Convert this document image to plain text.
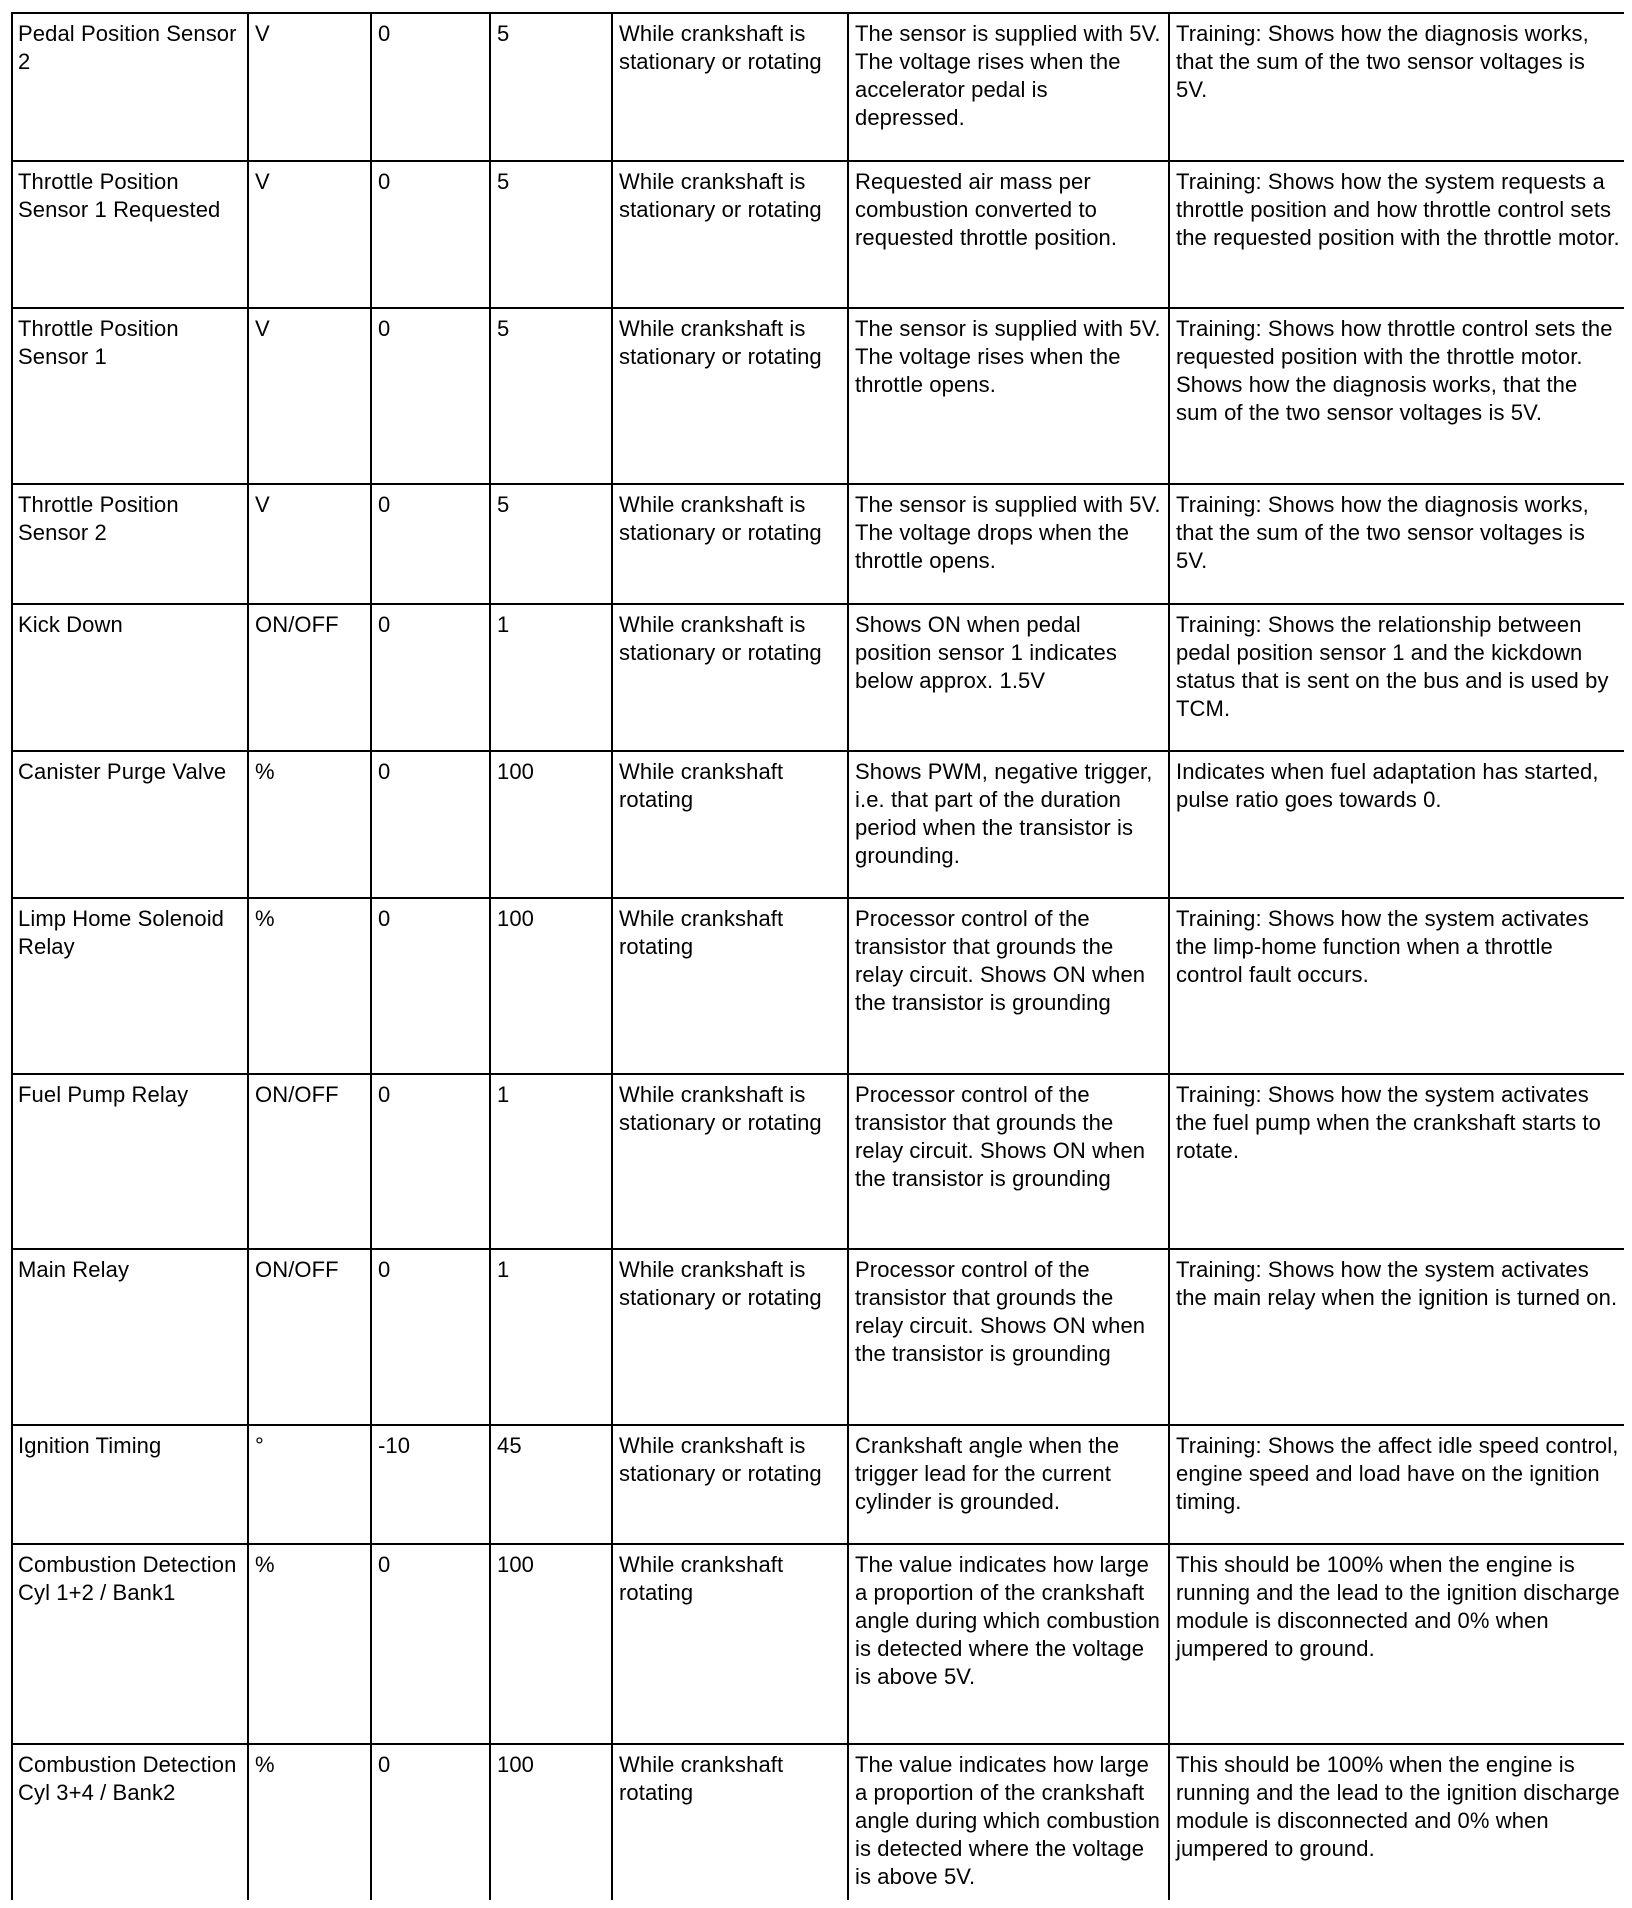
Pedal Position Sensor 2	V	0	5	While crankshaft is stationary or rotating	The sensor is supplied with 5V. The voltage rises when the accelerator pedal is depressed.	Training: Shows how the diagnosis works, that the sum of the two sensor voltages is 5V.
Throttle Position Sensor 1 Requested	V	0	5	While crankshaft is stationary or rotating	Requested air mass per combustion converted to requested throttle position.	Training: Shows how the system requests a throttle position and how throttle control sets the requested position with the throttle motor.
Throttle Position Sensor 1	V	0	5	While crankshaft is stationary or rotating	The sensor is supplied with 5V. The voltage rises when the throttle opens.	Training: Shows how throttle control sets the requested position with the throttle motor. Shows how the diagnosis works, that the sum of the two sensor voltages is 5V.
Throttle Position Sensor 2	V	0	5	While crankshaft is stationary or rotating	The sensor is supplied with 5V. The voltage drops when the throttle opens.	Training: Shows how the diagnosis works, that the sum of the two sensor voltages is 5V.
Kick Down	ON/OFF	0	1	While crankshaft is stationary or rotating	Shows ON when pedal position sensor 1 indicates below approx. 1.5V	Training: Shows the relationship between pedal position sensor 1 and the kickdown status that is sent on the bus and is used by TCM.
Canister Purge Valve	%	0	100	While crankshaft rotating	Shows PWM, negative trigger, i.e. that part of the duration period when the transistor is grounding.	Indicates when fuel adaptation has started, pulse ratio goes towards 0.
Limp Home Solenoid Relay	%	0	100	While crankshaft rotating	Processor control of the transistor that grounds the relay circuit. Shows ON when the transistor is grounding	Training: Shows how the system activates the limp-home function when a throttle control fault occurs.
Fuel Pump Relay	ON/OFF	0	1	While crankshaft is stationary or rotating	Processor control of the transistor that grounds the relay circuit. Shows ON when the transistor is grounding	Training: Shows how the system activates the fuel pump when the crankshaft starts to rotate.
Main Relay	ON/OFF	0	1	While crankshaft is stationary or rotating	Processor control of the transistor that grounds the relay circuit. Shows ON when the transistor is grounding	Training: Shows how the system activates the main relay when the ignition is turned on.
Ignition Timing	°	-10	45	While crankshaft is stationary or rotating	Crankshaft angle when the trigger lead for the current cylinder is grounded.	Training: Shows the affect idle speed control, engine speed and load have on the ignition timing.
Combustion Detection Cyl 1+2 / Bank1	%	0	100	While crankshaft rotating	The value indicates how large a proportion of the crankshaft angle during which combustion is detected where the voltage is above 5V.	This should be 100% when the engine is running and the lead to the ignition discharge module is disconnected and 0% when jumpered to ground.
Combustion Detection Cyl 3+4 / Bank2	%	0	100	While crankshaft rotating	The value indicates how large a proportion of the crankshaft angle during which combustion is detected where the voltage is above 5V.	This should be 100% when the engine is running and the lead to the ignition discharge module is disconnected and 0% when jumpered to ground.
